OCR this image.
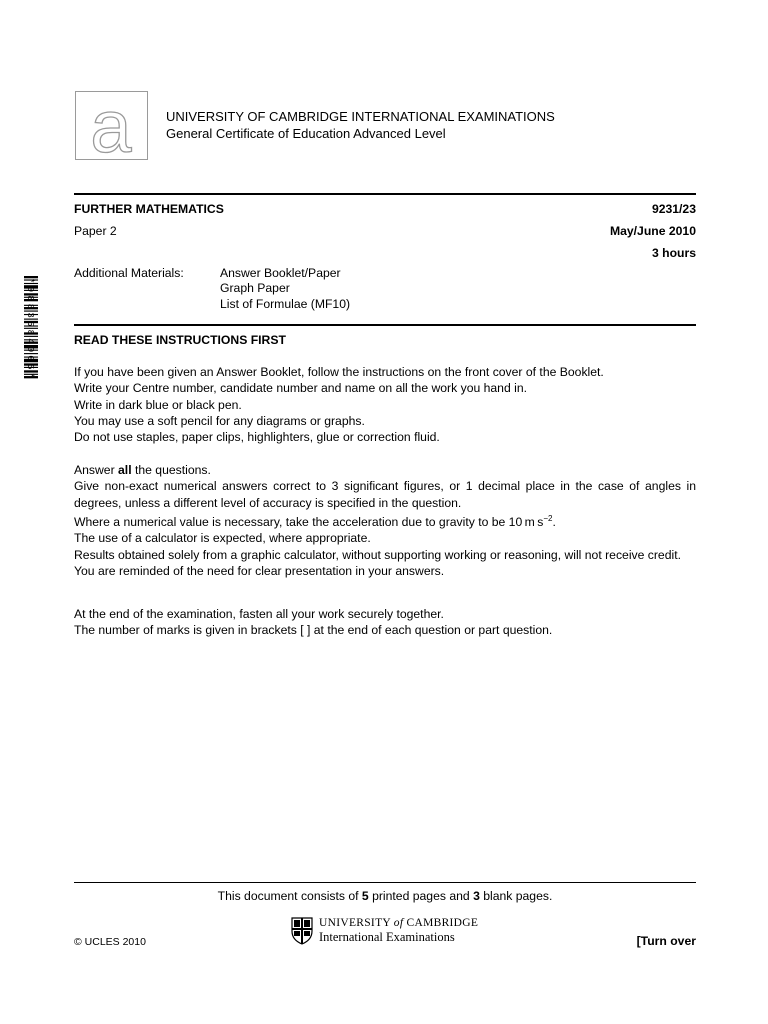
a	UNIVERSITY OF CAMBRIDGE INTERNATIONAL EXAMINATIONS
General Certificate of Education Advanced Level
FURTHER MATHEMATICS	9231/23
Paper 2	May/June 2010
3 hours
Additional Materials:	Answer Booklet/Paper
Graph Paper
List of Formulae (MF10)
*0883584005*	READ THESE INSTRUCTIONS FIRST

If you have been given an Answer Booklet, follow the instructions on the front cover of the Booklet.

Write your Centre number, candidate number and name on all the work you hand in.

Write in dark blue or black pen.

You may use a soft pencil for any diagrams or graphs.

Do not use staples, paper clips, highlighters, glue or correction fluid.

Answer all the questions.

Give non-exact numerical answers correct to 3 significant figures, or 1 decimal place in the case of angles in degrees, unless a different level of accuracy is specified in the question.

Where a numerical value is necessary, take the acceleration due to gravity to be 10 m $s^{-2}$.

The use of a calculator is expected, where appropriate.

Results obtained solely from a graphic calculator, without supporting working or reasoning, will not receive credit.

You are reminded of the need for clear presentation in your answers.

At the end of the examination, fasten all your work securely together.

The number of marks is given in brackets [ ] at the end of each question or part question.

This document consists of 5 printed pages and 3 blank pages.
UNIVERSITY of CAMBRIDGE
International Examinations
© UCLES 2010	[Turn over
